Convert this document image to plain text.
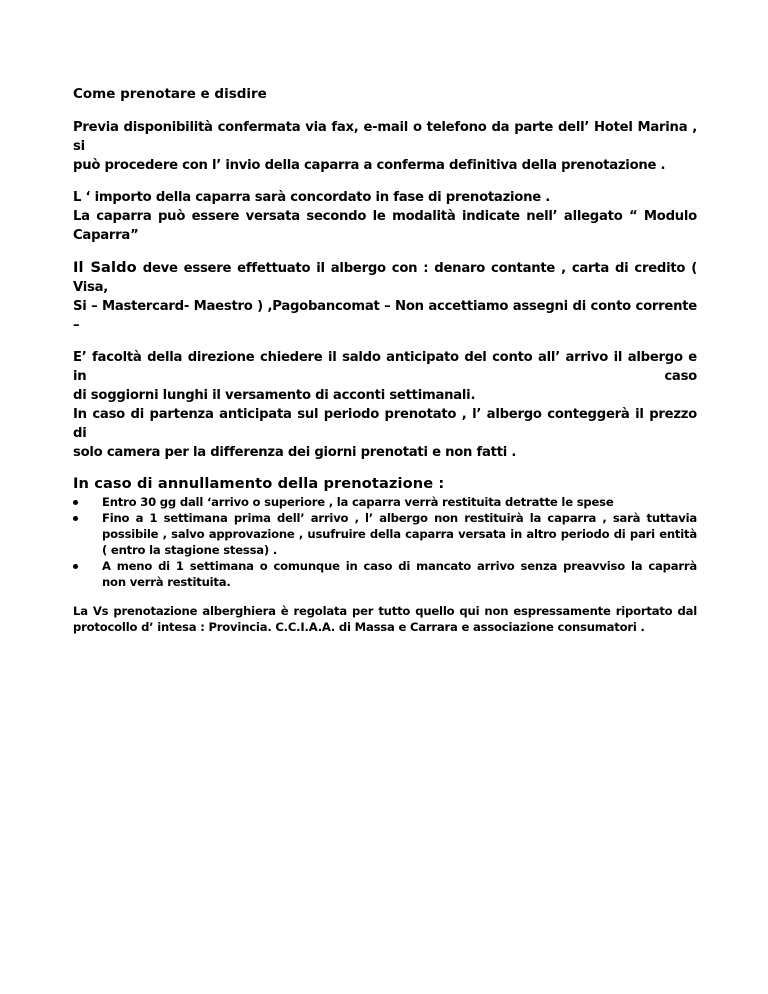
Come prenotare e disdire

Previa disponibilità confermata via fax, e-mail o telefono da parte dell’ Hotel Marina , si
può procedere con l’ invio della caparra a conferma definitiva della prenotazione .

L ‘ importo della caparra sarà concordato in fase di prenotazione .
La caparra può essere versata secondo le modalità indicate nell’ allegato “ Modulo
Caparra”

Il Saldo deve essere effettuato il albergo con : denaro contante , carta di credito ( Visa,
Si – Mastercard- Maestro ) ,Pagobancomat – Non accettiamo assegni di conto corrente –

E’ facoltà della direzione chiedere il saldo anticipato del conto all’ arrivo il albergo e in caso
di soggiorni lunghi il versamento di acconti settimanali.
In caso di partenza anticipata sul periodo prenotato , l’ albergo conteggerà il prezzo di
solo camera per la differenza dei giorni prenotati e non fatti .

In caso di annullamento della prenotazione :

Entro 30 gg dall ‘arrivo o superiore , la caparra verrà restituita detratte le spese
Fino a 1 settimana prima dell’ arrivo , l’ albergo non restituirà la caparra , sarà tuttavia
possibile , salvo approvazione , usufruire della caparra versata in altro periodo di pari entità
( entro la stagione stessa) .
A meno di 1 settimana o comunque in caso di mancato arrivo senza preavviso la caparrà
non verrà restituita.

La Vs prenotazione alberghiera è regolata per tutto quello qui non espressamente riportato dal
protocollo d’ intesa : Provincia. C.C.I.A.A. di Massa e Carrara e associazione consumatori .
